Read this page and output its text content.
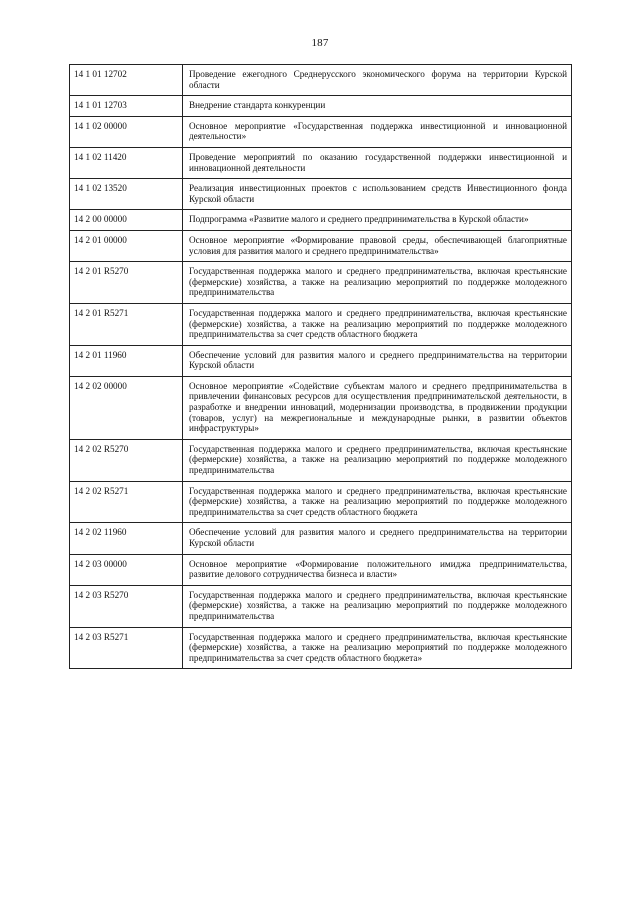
187
14 1 01 12702	Проведение ежегодного Среднерусского экономического форума на территории Курской области
14 1 01 12703	Внедрение стандарта конкуренции
14 1 02 00000	Основное мероприятие «Государственная поддержка инвестиционной и инновационной деятельности»
14 1 02 11420	Проведение мероприятий по оказанию государственной поддержки инвестиционной и инновационной деятельности
14 1 02 13520	Реализация инвестиционных проектов с использованием средств Инвестиционного фонда Курской области
14 2 00 00000	Подпрограмма «Развитие малого и среднего предпринимательства в Курской области»
14 2 01 00000	Основное мероприятие «Формирование правовой среды, обеспечивающей благоприятные условия для развития малого и среднего предпринимательства»
14 2 01 R5270	Государственная поддержка малого и среднего предпринимательства, включая крестьянские (фермерские) хозяйства, а также на реализацию мероприятий по поддержке молодежного предпринимательства
14 2 01 R5271	Государственная поддержка малого и среднего предпринимательства, включая крестьянские (фермерские) хозяйства, а также на реализацию мероприятий по поддержке молодежного предпринимательства за счет средств областного бюджета
14 2 01 11960	Обеспечение условий для развития малого и среднего предпринимательства на территории Курской области
14 2 02 00000	Основное мероприятие «Содействие субъектам малого и среднего предпринимательства в привлечении финансовых ресурсов для осуществления предпринимательской деятельности, в разработке и внедрении инноваций, модернизации производства, в продвижении продукции (товаров, услуг) на межрегиональные и международные рынки, в развитии объектов инфраструктуры»
14 2 02 R5270	Государственная поддержка малого и среднего предпринимательства, включая крестьянские (фермерские) хозяйства, а также на реализацию мероприятий по поддержке молодежного предпринимательства
14 2 02 R5271	Государственная поддержка малого и среднего предпринимательства, включая крестьянские (фермерские) хозяйства, а также на реализацию мероприятий по поддержке молодежного предпринимательства за счет средств областного бюджета
14 2 02 11960	Обеспечение условий для развития малого и среднего предпринимательства на территории Курской области
14 2 03 00000	Основное мероприятие «Формирование положительного имиджа предпринимательства, развитие делового сотрудничества бизнеса и власти»
14 2 03 R5270	Государственная поддержка малого и среднего предпринимательства, включая крестьянские (фермерские) хозяйства, а также на реализацию мероприятий по поддержке молодежного предпринимательства
14 2 03 R5271	Государственная поддержка малого и среднего предпринимательства, включая крестьянские (фермерские) хозяйства, а также на реализацию мероприятий по поддержке молодежного предпринимательства за счет средств областного бюджета»
